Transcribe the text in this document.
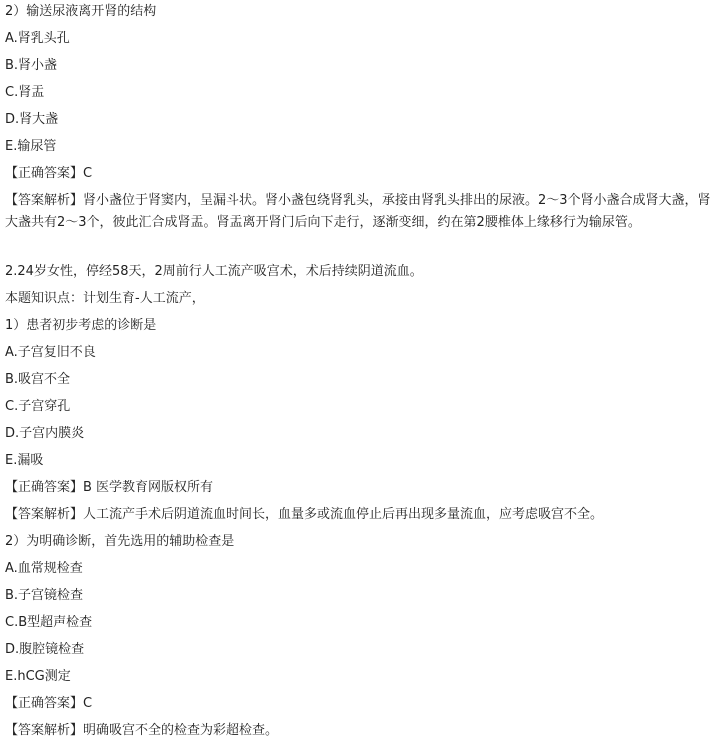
2）输送尿液离开肾的结构
A.肾乳头孔
B.肾小盏
C.肾盂
D.肾大盏
E.输尿管
【正确答案】C
【答案解析】肾小盏位于肾窦内，呈漏斗状。肾小盏包绕肾乳头，承接由肾乳头排出的尿液。2～3个肾小盏合成肾大盏，肾大盏共有2～3个，彼此汇合成肾盂。肾盂离开肾门后向下走行，逐渐变细，约在第2腰椎体上缘移行为输尿管。
2.24岁女性，停经58天，2周前行人工流产吸宫术，术后持续阴道流血。
本题知识点：计划生育-人工流产，
1）患者初步考虑的诊断是
A.子宫复旧不良
B.吸宫不全
C.子宫穿孔
D.子宫内膜炎
E.漏吸
【正确答案】B 医学教育网版权所有
【答案解析】人工流产手术后阴道流血时间长，血量多或流血停止后再出现多量流血，应考虑吸宫不全。
2）为明确诊断，首先选用的辅助检查是
A.血常规检查
B.子宫镜检查
C.B型超声检查
D.腹腔镜检查
E.hCG测定
【正确答案】C
【答案解析】明确吸宫不全的检查为彩超检查。
